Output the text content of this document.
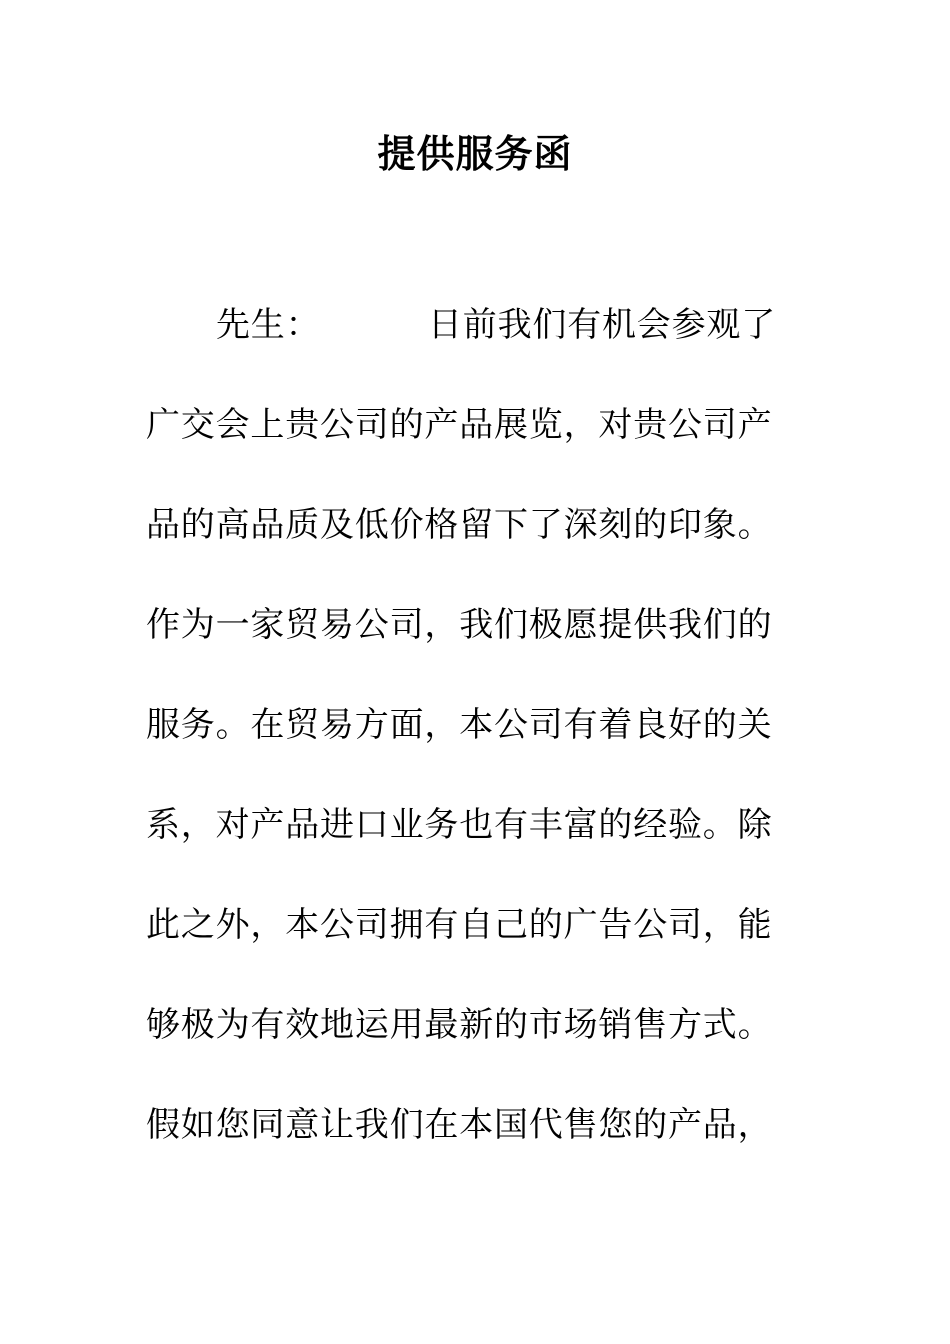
提供服务函
先生：	日前我们有机会参观了
广交会上贵公司的产品展览，对贵公司产
品的高品质及低价格留下了深刻的印象。
作为一家贸易公司，我们极愿提供我们的
服务。在贸易方面，本公司有着良好的关
系，对产品进口业务也有丰富的经验。除
此之外，本公司拥有自己的广告公司，能
够极为有效地运用最新的市场销售方式。
假如您同意让我们在本国代售您的产品，
